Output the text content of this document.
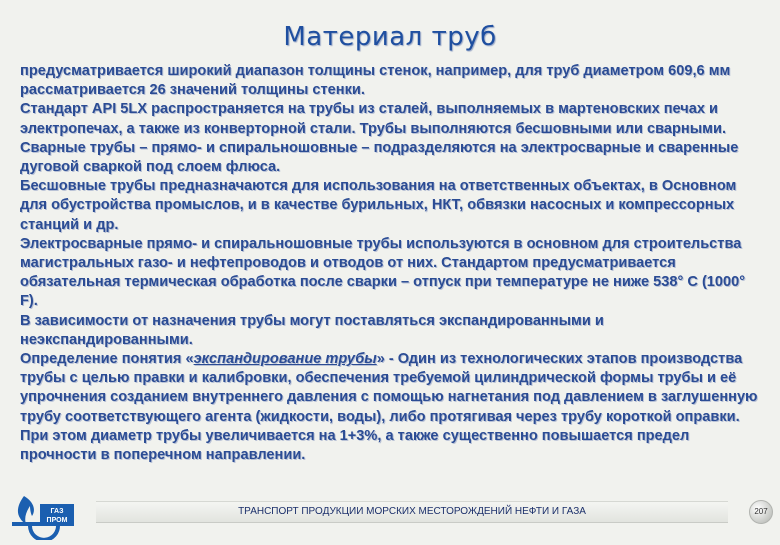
Материал труб

предусматривается широкий диапазон толщины стенок, например, для труб диаметром 609,6 мм рассматривается 26 значений толщины стенки.

Стандарт API 5LX распространяется на трубы из сталей, выполняемых в мартеновских печах и электропечах, а также из конверторной стали. Трубы выполняются бесшовными или сварными. Сварные трубы – прямо- и спиральношовные – подразделяются на электросварные и сваренные дуговой сваркой под слоем флюса.

Бесшовные трубы предназначаются для использования на ответственных объектах, в Основном для обустройства промыслов, и в качестве бурильных, НКТ, обвязки насосных и компрессорных станций и др.

Электросварные прямо- и спиральношовные трубы используются в основном для строительства магистральных газо- и нефтепроводов и отводов от них. Стандартом предусматривается обязательная термическая обработка после сварки – отпуск при температуре не ниже 538° С (1000° F).

В зависимости от назначения трубы могут поставляться экспандированными и неэкспандированными.

Определение понятия «экспандирование трубы» - Один из технологических этапов производства трубы с целью правки и калибровки, обеспечения требуемой цилиндрической формы трубы и её упрочнения созданием внутреннего давления с помощью нагнетания под давлением в заглушенную трубу соответствующего агента (жидкости, воды), либо протягивая через трубу короткой оправки. При этом диаметр трубы увеличивается на 1+3%, а также существенно повышается предел прочности в поперечном направлении.

ГАЗ
ПРОМ
ТРАНСПОРТ ПРОДУКЦИИ МОРСКИХ МЕСТОРОЖДЕНИЙ НЕФТИ И ГАЗА	207
